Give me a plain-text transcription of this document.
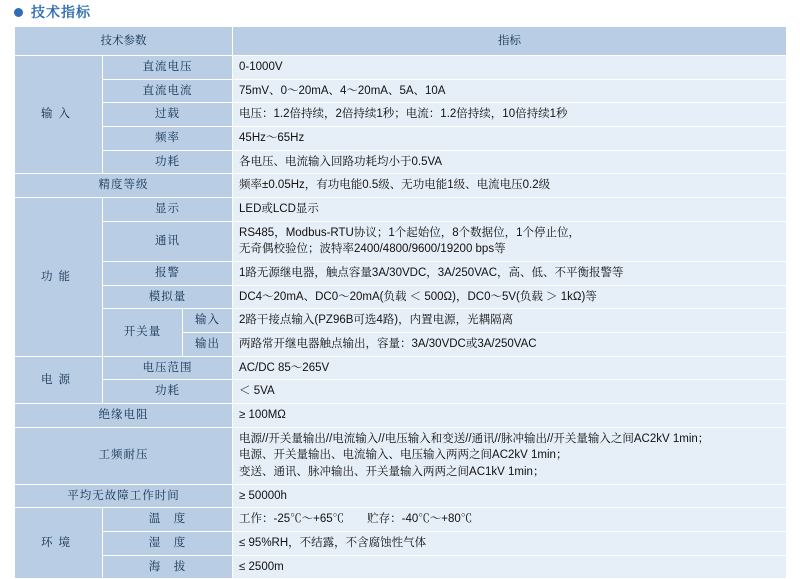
技术指标
技术参数			指标
输入	直流电压		0-1000V
	直流电流		75mV、0～20mA、4～20mA、5A、10A
	过载		电压：1.2倍持续，2倍持续1秒；电流：1.2倍持续，10倍持续1秒
	频率		45Hz～65Hz
	功耗		各电压、电流输入回路功耗均小于0.5VA
精度等级			频率±0.05Hz，有功电能0.5级、无功电能1级、电流电压0.2级
功能	显示		LED或LCD显示
	通讯		RS485，Modbus-RTU协议；1个起始位，8个数据位，1个停止位，
无奇偶校验位；波特率2400/4800/9600/19200 bps等

	报警		1路无源继电器，触点容量3A/30VDC，3A/250VAC，高、低、不平衡报警等
	模拟量		DC4～20mA、DC0～20mA(负载 ＜ 500Ω)，DC0～5V(负载 ＞ 1kΩ)等
	开关量	输入	2路干接点输入(PZ96B可选4路)，内置电源，光耦隔离
		输出	两路常开继电器触点输出，容量：3A/30VDC或3A/250VAC
电源	电压范围		AC/DC 85～265V
	功耗		＜ 5VA
绝缘电阻			≥ 100MΩ
工频耐压			电源//开关量输出//电流输入//电压输入和变送//通讯//脉冲输出//开关量输入之间AC2kV 1min；
电源、开关量输出、电流输入、电压输入两两之间AC2kV 1min；
变送、通讯、脉冲输出、开关量输入两两之间AC1kV 1min；

平均无故障工作时间			≥ 50000h
环境	温　度		工作：-25℃～+65℃　　贮存：-40℃～+80℃
	湿　度		≤ 95%RH，不结露，不含腐蚀性气体
	海　拔		≤ 2500m
